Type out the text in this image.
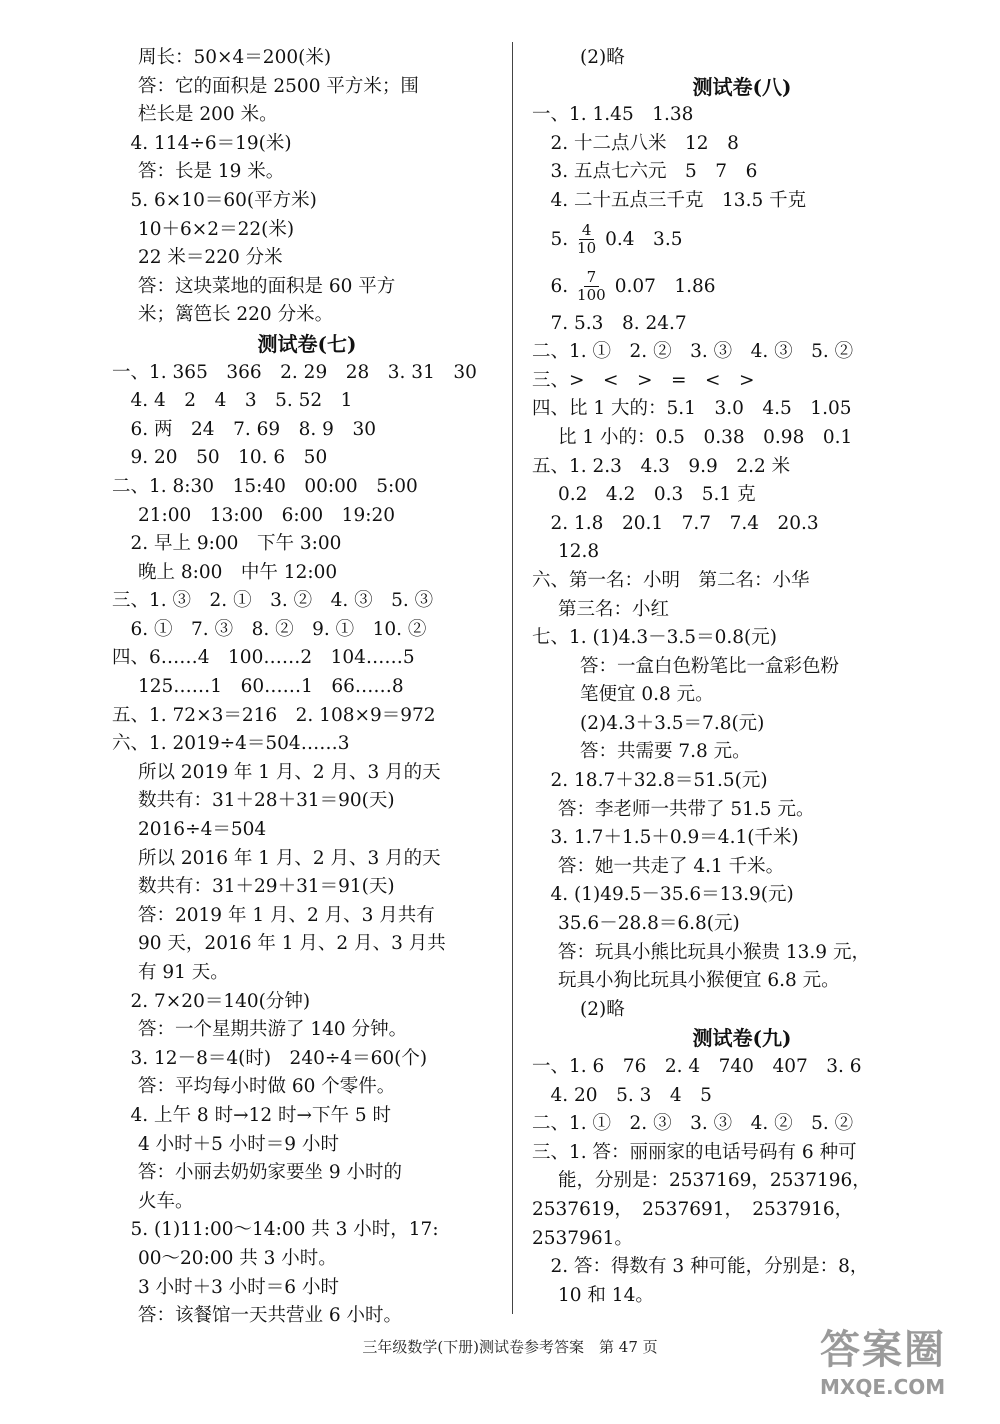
周长：50×4＝200(米)
答：它的面积是 2500 平方米；围
栏长是 200 米。
　4. 114÷6＝19(米)
答：长是 19 米。
　5. 6×10＝60(平方米)
10＋6×2＝22(米)
22 米＝220 分米
答：这块菜地的面积是 60 平方
米；篱笆长 220 分米。
测试卷(七)
一、1. 365　366　2. 29　28　3. 31　30
　4. 4　2　4　3　5. 52　1
　6. 两　24　7. 69　8. 9　30
　9. 20　50　10. 6　50
二、1. 8:30　15:40　00:00　5:00
21:00　13:00　6:00　19:20
　2. 早上 9:00　下午 3:00
晚上 8:00　中午 12:00
三、1. ③　2. ①　3. ②　4. ③　5. ③
　6. ①　7. ③　8. ②　9. ①　10. ②
四、6……4　100……2　104……5
125……1　60……1　66……8
五、1. 72×3＝216　2. 108×9＝972
六、1. 2019÷4＝504……3
所以 2019 年 1 月、2 月、3 月的天
数共有：31＋28＋31＝90(天)
2016÷4＝504
所以 2016 年 1 月、2 月、3 月的天
数共有：31＋29＋31＝91(天)
答：2019 年 1 月、2 月、3 月共有
90 天，2016 年 1 月、2 月、3 月共
有 91 天。
　2. 7×20＝140(分钟)
答：一个星期共游了 140 分钟。
　3. 12－8＝4(时)　240÷4＝60(个)
答：平均每小时做 60 个零件。
　4. 上午 8 时→12 时→下午 5 时
4 小时＋5 小时＝9 小时
答：小丽去奶奶家要坐 9 小时的
火车。
　5. (1)11:00～14:00 共 3 小时，17:
00～20:00 共 3 小时。
3 小时＋3 小时＝6 小时
答：该餐馆一天共营业 6 小时。
(2)略
测试卷(八)
一、1. 1.45　1.38
　2. 十二点八米　12　8
　3. 五点七六元　5　7　6
　4. 二十五点三千克　13.5 千克
　5. $\frac{4}{10} 0.4$　3.5
　6. $\frac{7}{100} 0.07$　1.86
　7. 5.3　8. 24.7
二、1. ①　2. ②　3. ③　4. ③　5. ②
三、>　<　>　=　<　>
四、比 1 大的：5.1　3.0　4.5　1.05
比 1 小的：0.5　0.38　0.98　0.1
五、1. 2.3　4.3　9.9　2.2 米
0.2　4.2　0.3　5.1 克
　2. 1.8　20.1　7.7　7.4　20.3
12.8
六、第一名：小明　第二名：小华
第三名：小红
七、1. (1)4.3－3.5＝0.8(元)
答：一盒白色粉笔比一盒彩色粉
笔便宜 0.8 元。
(2)4.3＋3.5＝7.8(元)
答：共需要 7.8 元。
　2. 18.7＋32.8＝51.5(元)
答：李老师一共带了 51.5 元。
　3. 1.7＋1.5＋0.9＝4.1(千米)
答：她一共走了 4.1 千米。
　4. (1)49.5－35.6＝13.9(元)
35.6－28.8＝6.8(元)
答：玩具小熊比玩具小猴贵 13.9 元，
玩具小狗比玩具小猴便宜 6.8 元。
(2)略
测试卷(九)
一、1. 6　76　2. 4　740　407　3. 6
　4. 20　5. 3　4　5
二、1. ①　2. ③　3. ③　4. ②　5. ②
三、1. 答：丽丽家的电话号码有 6 种可
能，分别是：2537169，2537196，
2537619，　2537691，　2537916，
2537961。
　2. 答：得数有 3 种可能，分别是：8，
10 和 14。
三年级数学(下册)测试卷参考答案　第 47 页	答案圈
MXQE.COM
